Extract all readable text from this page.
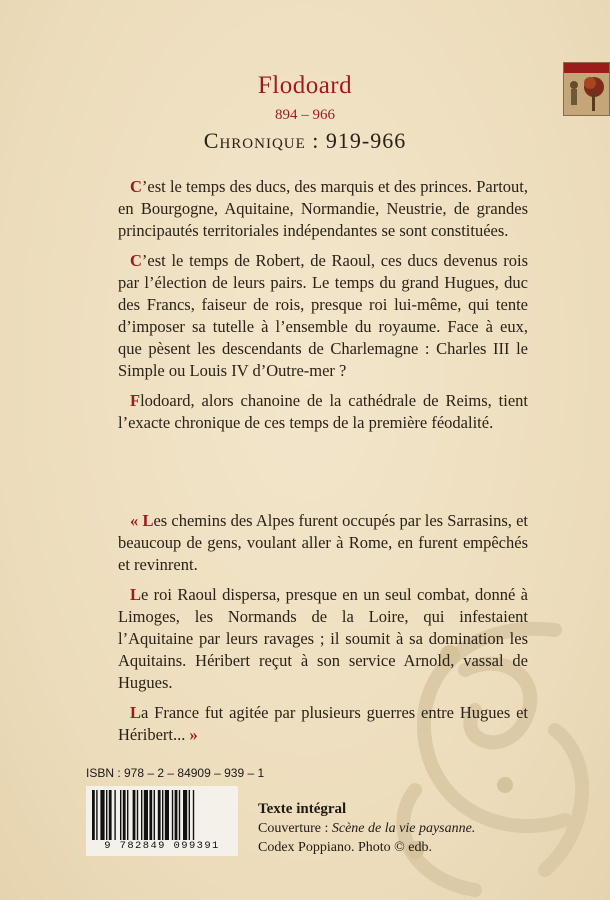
Flodoard
894 – 966
Chronique : 919-966

C’est le temps des ducs, des marquis et des princes. Partout, en Bourgogne, Aquitaine, Normandie, Neustrie, de grandes principautés territoriales indépendantes se sont constituées.

C’est le temps de Robert, de Raoul, ces ducs devenus rois par l’élection de leurs pairs. Le temps du grand Hugues, duc des Francs, faiseur de rois, presque roi lui-même, qui tente d’imposer sa tutelle à l’ensemble du royaume. Face à eux, que pèsent les descendants de Charlemagne : Charles III le Simple ou Louis IV d’Outre-mer ?

Flodoard, alors chanoine de la cathédrale de Reims, tient l’exacte chronique de ces temps de la première féodalité.

« Les chemins des Alpes furent occupés par les Sarrasins, et beaucoup de gens, voulant aller à Rome, en furent empêchés et revinrent.

Le roi Raoul dispersa, presque en un seul combat, donné à Limoges, les Normands de la Loire, qui infestaient l’Aquitaine par leurs ravages ; il soumit à sa domination les Aquitains. Héribert reçut à son service Arnold, vassal de Hugues.

La France fut agitée par plusieurs guerres entre Hugues et Héribert... »

ISBN : 978 – 2 – 84909 – 939 – 1
9 782849 099391
Texte intégral
Couverture : Scène de la vie paysanne.
Codex Poppiano. Photo © edb.
